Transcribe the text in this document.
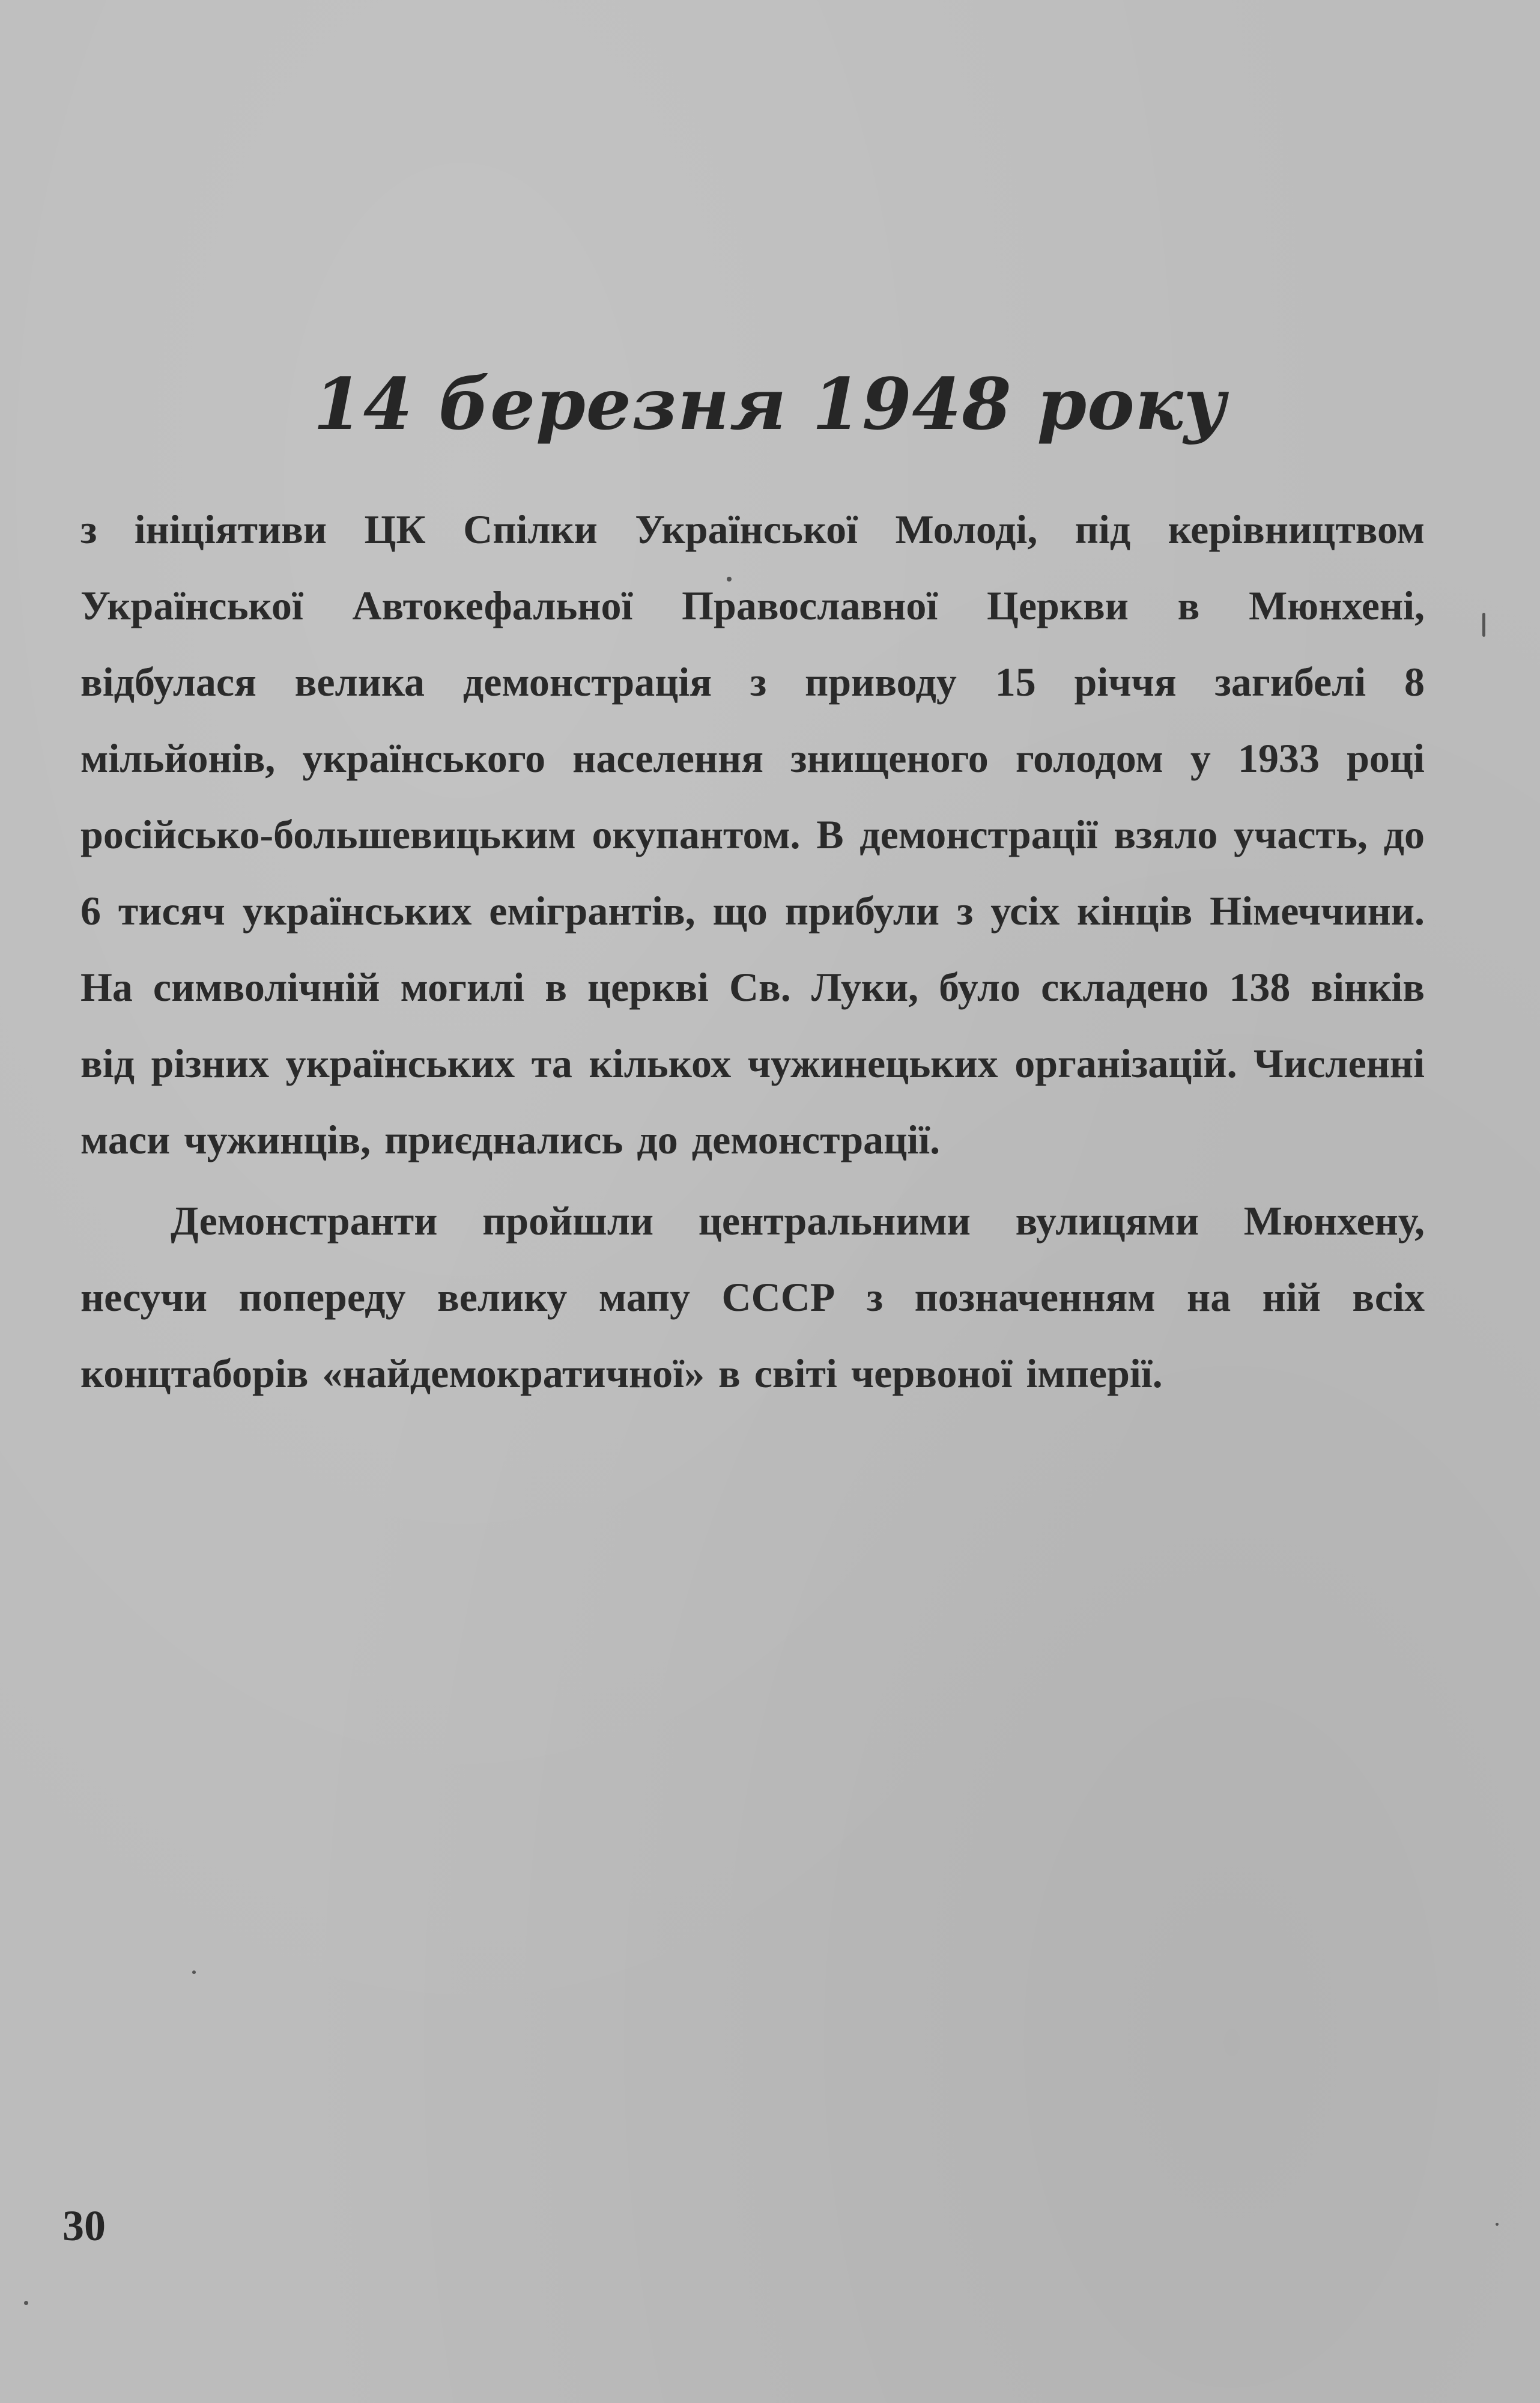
14 березня 1948 року

з ініціятиви ЦК Спілки Української Молоді, під керівництвом Української Автокефальної Православної Церкви в Мюнхені, відбулася велика демонстрація з приводу 15 річчя загибелі 8 мільйонів, українського населення знищеного голодом у 1933 році російсько-большевицьким окупантом. В демонстрації взяло участь, до 6 тисяч українських емігрантів, що прибули з усіх кінців Німеччини. На символічній могилі в церкві Св. Луки, було складено 138 вінків від різних українських та кількох чужинецьких організацій. Численні маси чужинців, приєднались до демонстрації.

Демонстранти пройшли центральними вулицями Мюнхену, несучи попереду велику мапу СССР з позначенням на ній всіх концтаборів «найдемократичної» в світі червоної імперії.

30
